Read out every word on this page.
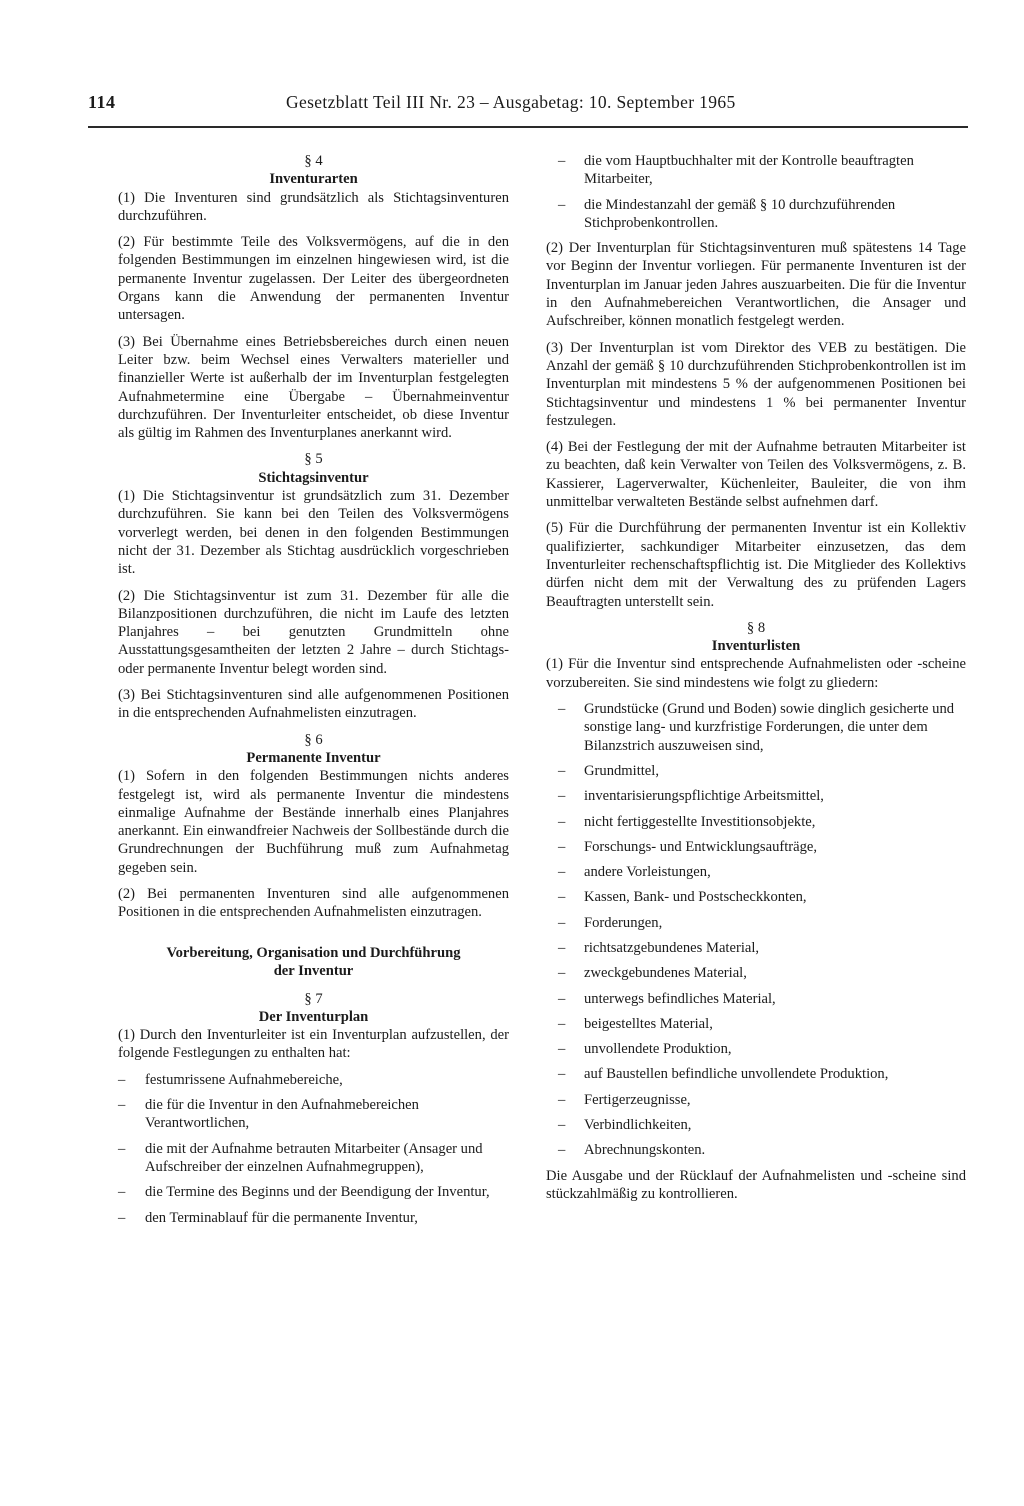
114	Gesetzblatt Teil III Nr. 23 – Ausgabetag: 10. September 1965
§ 4
Inventurarten

(1) Die Inventuren sind grundsätzlich als Stichtagsinventuren durchzuführen.

(2) Für bestimmte Teile des Volksvermögens, auf die in den folgenden Bestimmungen im einzelnen hingewiesen wird, ist die permanente Inventur zugelassen. Der Leiter des übergeordneten Organs kann die Anwendung der permanenten Inventur untersagen.

(3) Bei Übernahme eines Betriebsbereiches durch einen neuen Leiter bzw. beim Wechsel eines Verwalters materieller und finanzieller Werte ist außerhalb der im Inventurplan festgelegten Aufnahmetermine eine Übergabe – Übernahmeinventur durchzuführen. Der Inventurleiter entscheidet, ob diese Inventur als gültig im Rahmen des Inventurplanes anerkannt wird.

§ 5
Stichtagsinventur

(1) Die Stichtagsinventur ist grundsätzlich zum 31. Dezember durchzuführen. Sie kann bei den Teilen des Volksvermögens vorverlegt werden, bei denen in den folgenden Bestimmungen nicht der 31. Dezember als Stichtag ausdrücklich vorgeschrieben ist.

(2) Die Stichtagsinventur ist zum 31. Dezember für alle die Bilanzpositionen durchzuführen, die nicht im Laufe des letzten Planjahres – bei genutzten Grundmitteln ohne Ausstattungsgesamtheiten der letzten 2 Jahre – durch Stichtags- oder permanente Inventur belegt worden sind.

(3) Bei Stichtagsinventuren sind alle aufgenommenen Positionen in die entsprechenden Aufnahmelisten einzutragen.

§ 6
Permanente Inventur

(1) Sofern in den folgenden Bestimmungen nichts anderes festgelegt ist, wird als permanente Inventur die mindestens einmalige Aufnahme der Bestände innerhalb eines Planjahres anerkannt. Ein einwandfreier Nachweis der Sollbestände durch die Grundrechnungen der Buchführung muß zum Aufnahmetag gegeben sein.

(2) Bei permanenten Inventuren sind alle aufgenommenen Positionen in die entsprechenden Aufnahmelisten einzutragen.

Vorbereitung, Organisation und Durchführung
der Inventur
§ 7
Der Inventurplan

(1) Durch den Inventurleiter ist ein Inventurplan aufzustellen, der folgende Festlegungen zu enthalten hat:

– festumrissene Aufnahmebereiche,
– die für die Inventur in den Aufnahmebereichen Verantwortlichen,
– die mit der Aufnahme betrauten Mitarbeiter (Ansager und Aufschreiber der einzelnen Aufnahmegruppen),
– die Termine des Beginns und der Beendigung der Inventur,
– den Terminablauf für die permanente Inventur,
– die vom Hauptbuchhalter mit der Kontrolle beauftragten Mitarbeiter,
– die Mindestanzahl der gemäß § 10 durchzuführenden Stichprobenkontrollen.

(2) Der Inventurplan für Stichtagsinventuren muß spätestens 14 Tage vor Beginn der Inventur vorliegen. Für permanente Inventuren ist der Inventurplan im Januar jeden Jahres auszuarbeiten. Die für die Inventur in den Aufnahmebereichen Verantwortlichen, die Ansager und Aufschreiber, können monatlich festgelegt werden.

(3) Der Inventurplan ist vom Direktor des VEB zu bestätigen. Die Anzahl der gemäß § 10 durchzuführenden Stichprobenkontrollen ist im Inventurplan mit mindestens 5 % der aufgenommenen Positionen bei Stichtagsinventur und mindestens 1 % bei permanenter Inventur festzulegen.

(4) Bei der Festlegung der mit der Aufnahme betrauten Mitarbeiter ist zu beachten, daß kein Verwalter von Teilen des Volksvermögens, z. B. Kassierer, Lagerverwalter, Küchenleiter, Bauleiter, die von ihm unmittelbar verwalteten Bestände selbst aufnehmen darf.

(5) Für die Durchführung der permanenten Inventur ist ein Kollektiv qualifizierter, sachkundiger Mitarbeiter einzusetzen, das dem Inventurleiter rechenschaftspflichtig ist. Die Mitglieder des Kollektivs dürfen nicht dem mit der Verwaltung des zu prüfenden Lagers Beauftragten unterstellt sein.

§ 8
Inventurlisten

(1) Für die Inventur sind entsprechende Aufnahmelisten oder -scheine vorzubereiten. Sie sind mindestens wie folgt zu gliedern:

– Grundstücke (Grund und Boden) sowie dinglich gesicherte und sonstige lang- und kurzfristige Forderungen, die unter dem Bilanzstrich auszuweisen sind,
– Grundmittel,
– inventarisierungspflichtige Arbeitsmittel,
– nicht fertiggestellte Investitionsobjekte,
– Forschungs- und Entwicklungsaufträge,
– andere Vorleistungen,
– Kassen, Bank- und Postscheckkonten,
– Forderungen,
– richtsatzgebundenes Material,
– zweckgebundenes Material,
– unterwegs befindliches Material,
– beigestelltes Material,
– unvollendete Produktion,
– auf Baustellen befindliche unvollendete Produktion,
– Fertigerzeugnisse,
– Verbindlichkeiten,
– Abrechnungskonten.

Die Ausgabe und der Rücklauf der Aufnahmelisten und -scheine sind stückzahlmäßig zu kontrollieren.
